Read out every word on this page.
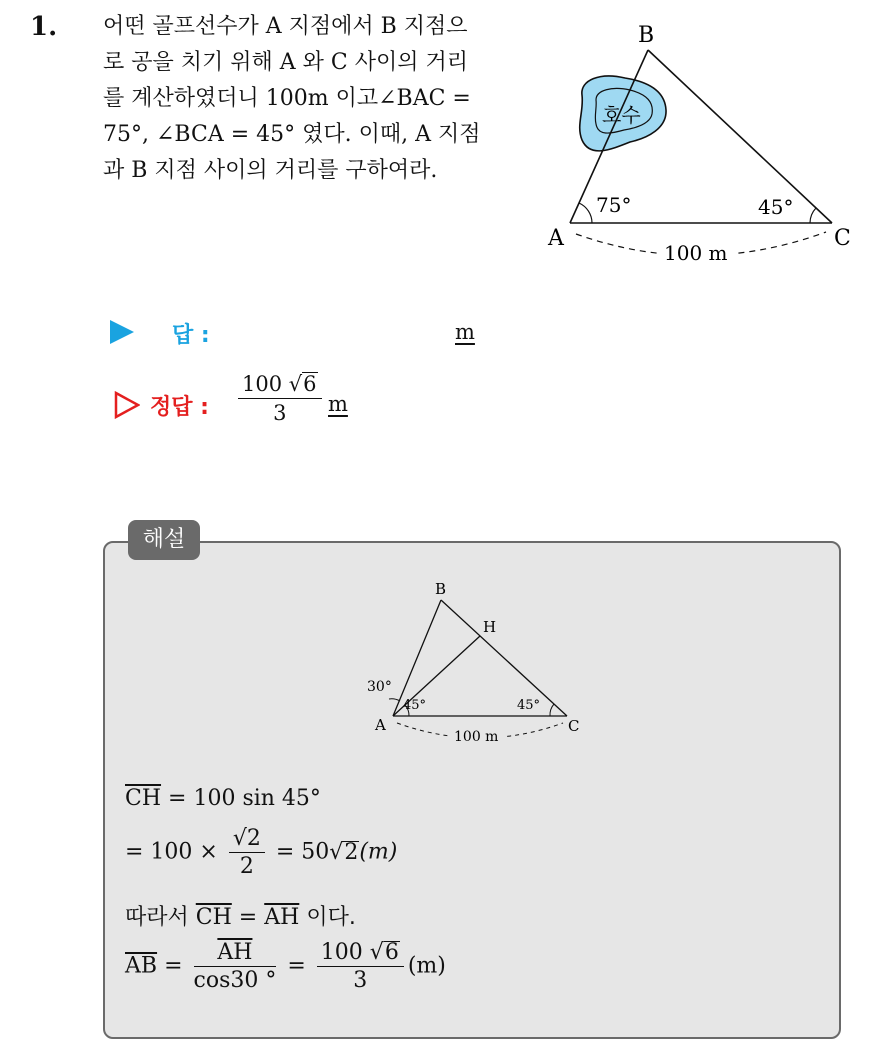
1. 어떤 골프선수가 A 지점에서 B 지점으
로 공을 치기 위해 A 와 C 사이의 거리
를 계산하였더니 100m 이고∠BAC =
75°, ∠BCA = 45° 였다. 이때, A 지점
과 B 지점 사이의 거리를 구하여라.
호수
B
A	C
75°	45°
100 m
답 :	m
정답 : $\frac{100 √6}{3}$ m
해설
B
H
A	C
30°
45°	45°
100 m
$\overline{CH} = 100$ sin 45°
= $100 \times \frac{√2}{2} = 50√2(m)$
따라서 $\overline{CH} = \overline{AH}$ 이다.
$\overline{AB} = \frac{\overline{AH}}{\cos 30 ^\circ} = \frac{100 √6}{3} (m)$
